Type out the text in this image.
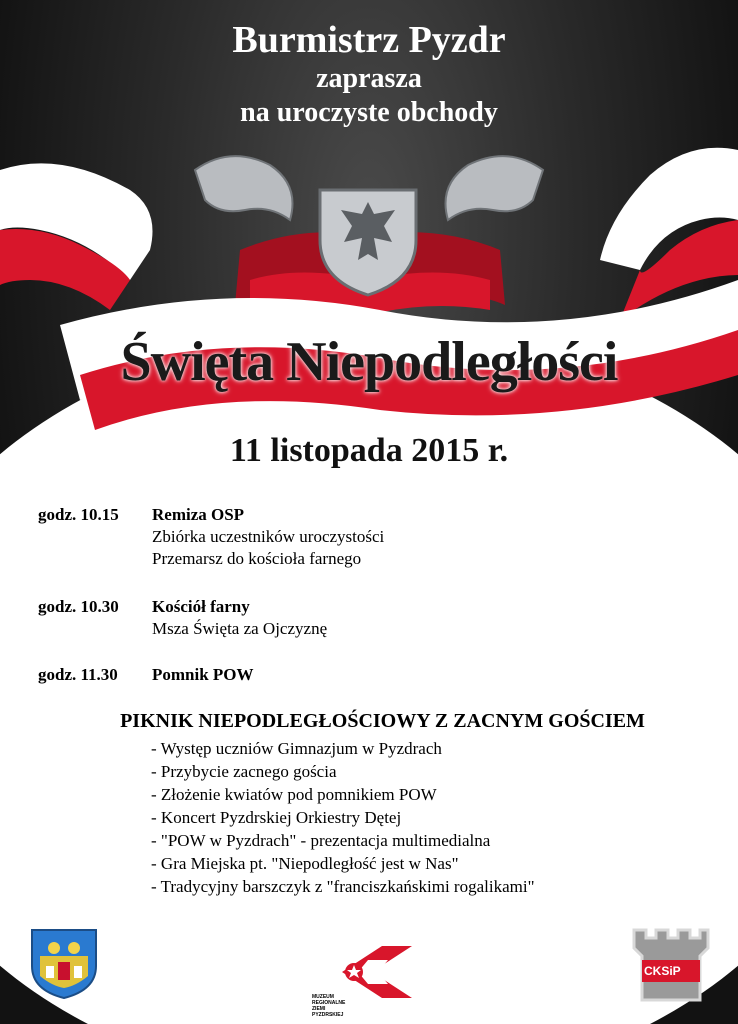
Burmistrz Pyzdr
zaprasza
na uroczyste obchody
Święta Niepodległości
11 listopada 2015 r.
godz. 10.15 Remiza OSP
Zbiórka uczestników uroczystości
Przemarsz do kościoła farnego
godz. 10.30 Kościół farny
Msza Święta za Ojczyznę
godz. 11.30 Pomnik POW
PIKNIK NIEPODLEGŁOŚCIOWY Z ZACNYM GOŚCIEM
- Występ uczniów Gimnazjum w Pyzdrach
- Przybycie zacnego gościa
- Złożenie kwiatów pod pomnikiem POW
- Koncert Pyzdrskiej Orkiestry Dętej
- "POW w Pyzdrach" - prezentacja multimedialna
- Gra Miejska pt. "Niepodległość jest w Nas"
- Tradycyjny barszczyk z "franciszkańskimi rogalikami"
MUZEUM
REGIONALNE
ZIEMI PYZDRSKIEJ
CKSiP
